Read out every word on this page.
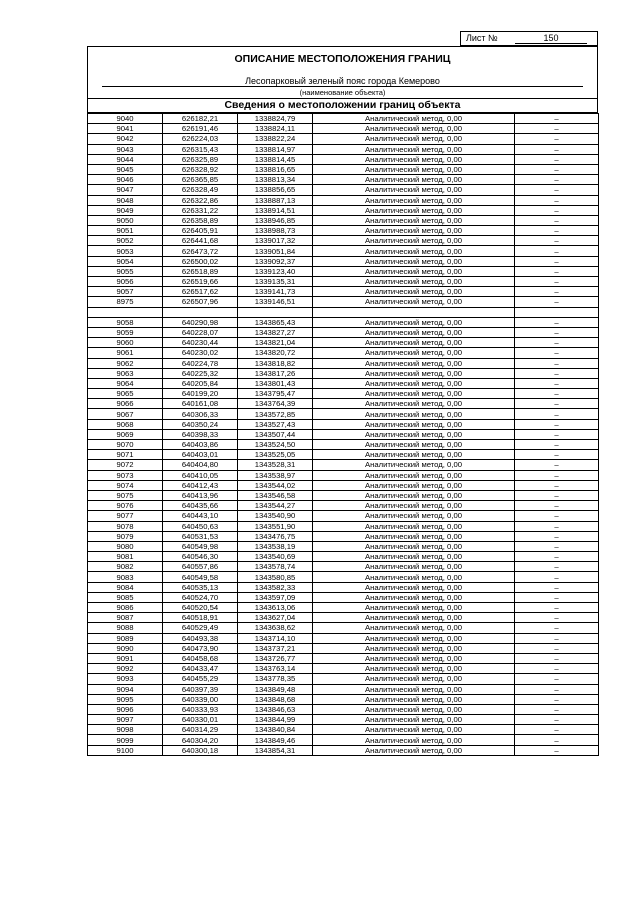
Лист №	150
ОПИСАНИЕ МЕСТОПОЛОЖЕНИЯ ГРАНИЦ
Лесопарковый зеленый пояс города Кемерово
(наименование объекта)
Сведения о местоположении границ объекта
9040	626182,21	1338824,79	Аналитический метод, 0,00	–
9041	626191,46	1338824,11	Аналитический метод, 0,00	–
9042	626224,03	1338822,24	Аналитический метод, 0,00	–
9043	626315,43	1338814,97	Аналитический метод, 0,00	–
9044	626325,89	1338814,45	Аналитический метод, 0,00	–
9045	626328,92	1338816,65	Аналитический метод, 0,00	–
9046	626365,85	1338813,34	Аналитический метод, 0,00	–
9047	626328,49	1338856,65	Аналитический метод, 0,00	–
9048	626322,86	1338887,13	Аналитический метод, 0,00	–
9049	626331,22	1338914,51	Аналитический метод, 0,00	–
9050	626358,89	1338946,85	Аналитический метод, 0,00	–
9051	626405,91	1338988,73	Аналитический метод, 0,00	–
9052	626441,68	1339017,32	Аналитический метод, 0,00	–
9053	626473,72	1339051,84	Аналитический метод, 0,00	–
9054	626500,02	1339092,37	Аналитический метод, 0,00	–
9055	626518,89	1339123,40	Аналитический метод, 0,00	–
9056	626519,66	1339135,31	Аналитический метод, 0,00	–
9057	626517,62	1339141,73	Аналитический метод, 0,00	–
8975	626507,96	1339146,51	Аналитический метод, 0,00	–

9058	640290,98	1343865,43	Аналитический метод, 0,00	–
9059	640228,07	1343827,27	Аналитический метод, 0,00	–
9060	640230,44	1343821,04	Аналитический метод, 0,00	–
9061	640230,02	1343820,72	Аналитический метод, 0,00	–
9062	640224,78	1343818,82	Аналитический метод, 0,00	–
9063	640225,32	1343817,26	Аналитический метод, 0,00	–
9064	640205,84	1343801,43	Аналитический метод, 0,00	–
9065	640199,20	1343795,47	Аналитический метод, 0,00	–
9066	640161,08	1343764,39	Аналитический метод, 0,00	–
9067	640306,33	1343572,85	Аналитический метод, 0,00	–
9068	640350,24	1343527,43	Аналитический метод, 0,00	–
9069	640398,33	1343507,44	Аналитический метод, 0,00	–
9070	640403,86	1343524,50	Аналитический метод, 0,00	–
9071	640403,01	1343525,05	Аналитический метод, 0,00	–
9072	640404,80	1343528,31	Аналитический метод, 0,00	–
9073	640410,05	1343538,97	Аналитический метод, 0,00	–
9074	640412,43	1343544,02	Аналитический метод, 0,00	–
9075	640413,96	1343546,58	Аналитический метод, 0,00	–
9076	640435,66	1343544,27	Аналитический метод, 0,00	–
9077	640443,10	1343540,90	Аналитический метод, 0,00	–
9078	640450,63	1343551,90	Аналитический метод, 0,00	–
9079	640531,53	1343476,75	Аналитический метод, 0,00	–
9080	640549,98	1343538,19	Аналитический метод, 0,00	–
9081	640546,30	1343540,69	Аналитический метод, 0,00	–
9082	640557,86	1343578,74	Аналитический метод, 0,00	–
9083	640549,58	1343580,85	Аналитический метод, 0,00	–
9084	640535,13	1343582,33	Аналитический метод, 0,00	–
9085	640524,70	1343597,09	Аналитический метод, 0,00	–
9086	640520,54	1343613,06	Аналитический метод, 0,00	–
9087	640518,91	1343627,04	Аналитический метод, 0,00	–
9088	640529,49	1343638,62	Аналитический метод, 0,00	–
9089	640493,38	1343714,10	Аналитический метод, 0,00	–
9090	640473,90	1343737,21	Аналитический метод, 0,00	–
9091	640458,68	1343726,77	Аналитический метод, 0,00	–
9092	640433,47	1343763,14	Аналитический метод, 0,00	–
9093	640455,29	1343778,35	Аналитический метод, 0,00	–
9094	640397,39	1343849,48	Аналитический метод, 0,00	–
9095	640339,00	1343848,68	Аналитический метод, 0,00	–
9096	640333,93	1343846,63	Аналитический метод, 0,00	–
9097	640330,01	1343844,99	Аналитический метод, 0,00	–
9098	640314,29	1343840,84	Аналитический метод, 0,00	–
9099	640304,20	1343849,46	Аналитический метод, 0,00	–
9100	640300,18	1343854,31	Аналитический метод, 0,00	–
